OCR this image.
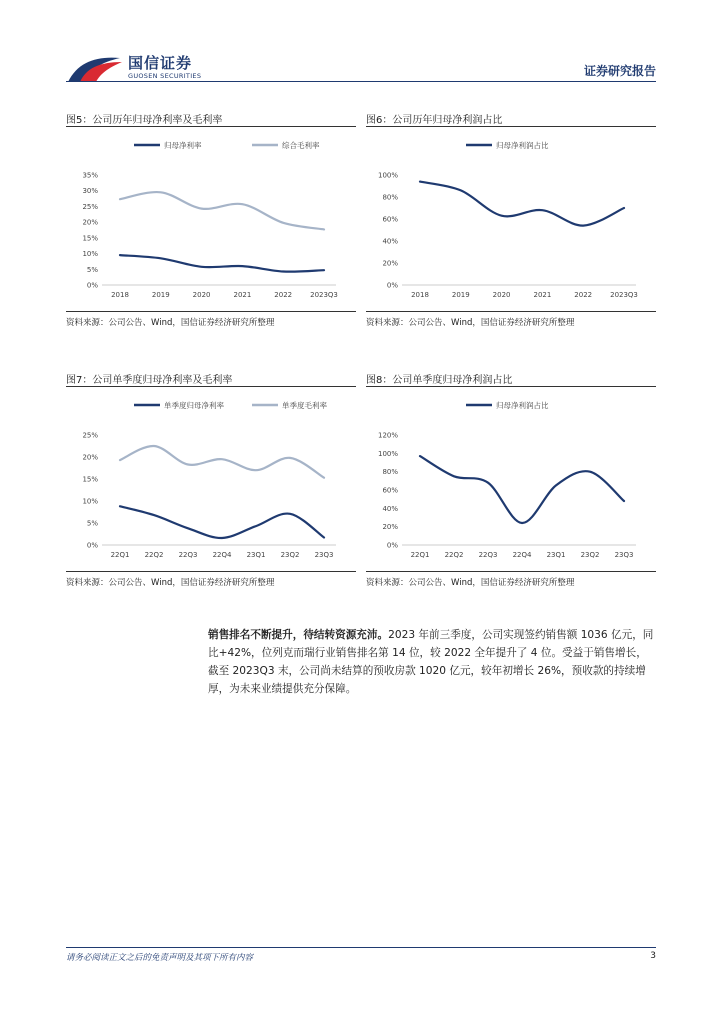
国信证券
GUOSEN SECURITIES	证券研究报告
图5：公司历年归母净利率及毛利率
归母净利率	综合毛利率
0%
5%
10%
15%
20%
25%
30%
35%
2018	2019	2020	2021	2022	2023Q3
资料来源：公司公告、Wind，国信证券经济研究所整理
图6：公司历年归母净利润占比
归母净利润占比
0%
20%
40%
60%
80%
100%
2018	2019	2020	2021	2022	2023Q3
资料来源：公司公告、Wind，国信证券经济研究所整理
图7：公司单季度归母净利率及毛利率
单季度归母净利率	单季度毛利率
0%
5%
10%
15%
20%
25%
22Q1 22Q2 22Q3 22Q4 23Q1 23Q2 23Q3
资料来源：公司公告、Wind，国信证券经济研究所整理
图8：公司单季度归母净利润占比
归母净利润占比
0%
20%
40%
60%
80%
100%
120%
22Q1 22Q2 22Q3 22Q4 23Q1 23Q2 23Q3
资料来源：公司公告、Wind，国信证券经济研究所整理
销售排名不断提升，待结转资源充沛。2023 年前三季度，公司实现签约销售额 1036 亿元，同比+42%，位列克而瑞行业销售排名第 14 位，较 2022 全年提升了 4 位。受益于销售增长，截至 2023Q3 末，公司尚未结算的预收房款 1020 亿元，较年初增长 26%，预收款的持续增厚，为未来业绩提供充分保障。
请务必阅读正文之后的免责声明及其项下所有内容	3
